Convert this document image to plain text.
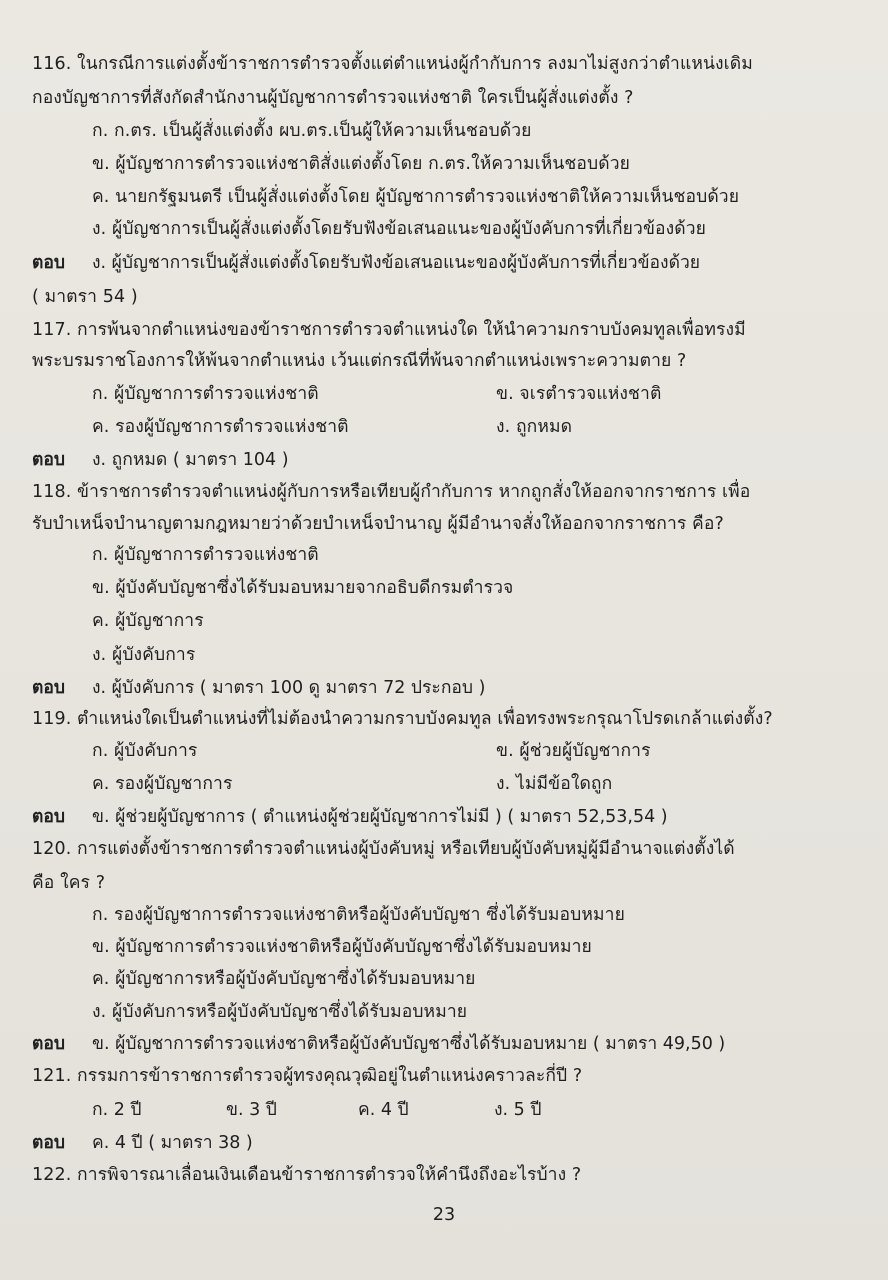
116. ในกรณีการแต่งตั้งข้าราชการตำรวจตั้งแต่ตำแหน่งผู้กำกับการ ลงมาไม่สูงกว่าตำแหน่งเดิม
กองบัญชาการที่สังกัดสำนักงานผู้บัญชาการตำรวจแห่งชาติ ใครเป็นผู้สั่งแต่งตั้ง ?
ก. ก.ตร. เป็นผู้สั่งแต่งตั้ง ผบ.ตร.เป็นผู้ให้ความเห็นชอบด้วย
ข. ผู้บัญชาการตำรวจแห่งชาติสั่งแต่งตั้งโดย ก.ตร.ให้ความเห็นชอบด้วย
ค. นายกรัฐมนตรี เป็นผู้สั่งแต่งตั้งโดย ผู้บัญชาการตำรวจแห่งชาติให้ความเห็นชอบด้วย
ง. ผู้บัญชาการเป็นผู้สั่งแต่งตั้งโดยรับฟังข้อเสนอแนะของผู้บังคับการที่เกี่ยวข้องด้วย
ตอบ ง. ผู้บัญชาการเป็นผู้สั่งแต่งตั้งโดยรับฟังข้อเสนอแนะของผู้บังคับการที่เกี่ยวข้องด้วย
( มาตรา 54 )
117. การพ้นจากตำแหน่งของข้าราชการตำรวจตำแหน่งใด ให้นำความกราบบังคมทูลเพื่อทรงมี
พระบรมราชโองการให้พ้นจากตำแหน่ง เว้นแต่กรณีที่พ้นจากตำแหน่งเพราะความตาย ?
ก. ผู้บัญชาการตำรวจแห่งชาติ	ข. จเรตำรวจแห่งชาติ
ค. รองผู้บัญชาการตำรวจแห่งชาติ	ง. ถูกหมด
ตอบ ง. ถูกหมด ( มาตรา 104 )
118. ข้าราชการตำรวจตำแหน่งผู้กับการหรือเทียบผู้กำกับการ หากถูกสั่งให้ออกจากราชการ เพื่อ
รับบำเหน็จบำนาญตามกฎหมายว่าด้วยบำเหน็จบำนาญ ผู้มีอำนาจสั่งให้ออกจากราชการ คือ?
ก. ผู้บัญชาการตำรวจแห่งชาติ
ข. ผู้บังคับบัญชาซึ่งได้รับมอบหมายจากอธิบดีกรมตำรวจ
ค. ผู้บัญชาการ
ง. ผู้บังคับการ
ตอบ ง. ผู้บังคับการ ( มาตรา 100 ดู มาตรา 72 ประกอบ )
119. ตำแหน่งใดเป็นตำแหน่งที่ไม่ต้องนำความกราบบังคมทูล เพื่อทรงพระกรุณาโปรดเกล้าแต่งตั้ง?
ก. ผู้บังคับการ	ข. ผู้ช่วยผู้บัญชาการ
ค. รองผู้บัญชาการ	ง. ไม่มีข้อใดถูก
ตอบ ข. ผู้ช่วยผู้บัญชาการ ( ตำแหน่งผู้ช่วยผู้บัญชาการไม่มี ) ( มาตรา 52,53,54 )
120. การแต่งตั้งข้าราชการตำรวจตำแหน่งผู้บังคับหมู่ หรือเทียบผู้บังคับหมู่ผู้มีอำนาจแต่งตั้งได้
คือ ใคร ?
ก. รองผู้บัญชาการตำรวจแห่งชาติหรือผู้บังคับบัญชา ซึ่งได้รับมอบหมาย
ข. ผู้บัญชาการตำรวจแห่งชาติหรือผู้บังคับบัญชาซึ่งได้รับมอบหมาย
ค. ผู้บัญชาการหรือผู้บังคับบัญชาซึ่งได้รับมอบหมาย
ง. ผู้บังคับการหรือผู้บังคับบัญชาซึ่งได้รับมอบหมาย
ตอบ ข. ผู้บัญชาการตำรวจแห่งชาติหรือผู้บังคับบัญชาซึ่งได้รับมอบหมาย ( มาตรา 49,50 )
121. กรรมการข้าราชการตำรวจผู้ทรงคุณวุฒิอยู่ในตำแหน่งคราวละกี่ปี ?
ก. 2 ปี	ข. 3 ปี	ค. 4 ปี	ง. 5 ปี
ตอบ ค. 4 ปี ( มาตรา 38 )
122. การพิจารณาเลื่อนเงินเดือนข้าราชการตำรวจให้คำนึงถึงอะไรบ้าง ?
23
